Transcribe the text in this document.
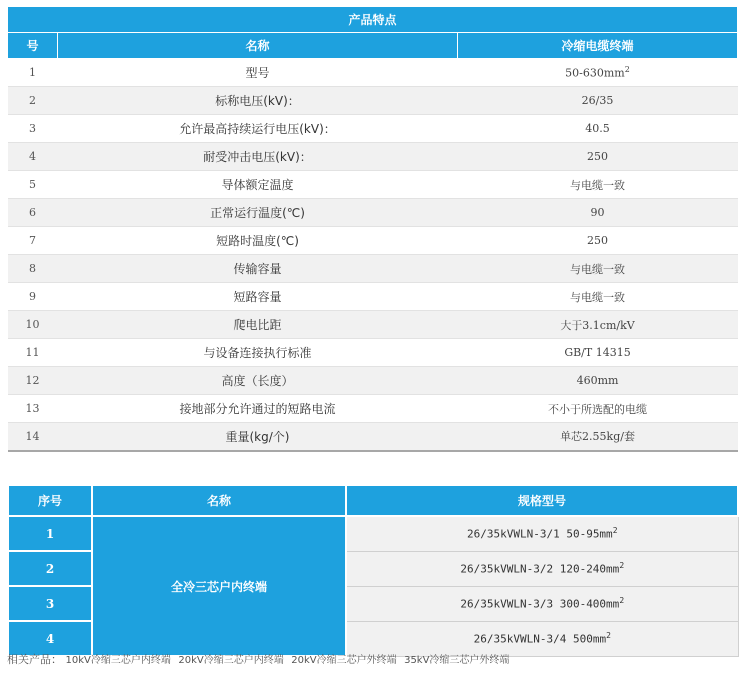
产品特点		
号	名称	冷缩电缆终端
1	型号	$50-630mm^2$
2	标称电压(kV)：	26/35
3	允许最高持续运行电压(kV)：	40.5
4	耐受冲击电压(kV)：	250
5	导体额定温度	与电缆一致
6	正常运行温度(℃)	90
7	短路时温度(℃)	250
8	传输容量	与电缆一致
9	短路容量	与电缆一致
10	爬电比距	大于3.1cm/kV
11	与设备连接执行标准	GB/T 14315
12	高度（长度）	460mm
13	接地部分允许通过的短路电流	不小于所选配的电缆
14	重量(kg/个)	单芯2.55kg/套
序号	名称	规格型号
1	全冷三芯户内终端	26/35kVWLN-3/1 $50-95mm^2$
2		26/35kVWLN-3/2 $120-240mm^2$
3		26/35kVWLN-3/3 $300-400mm^2$
4		26/35kVWLN-3/4 $500mm^2$
相关产品： 10kV冷缩三芯户内终端 20kV冷缩三芯户内终端 20kV冷缩三芯户外终端 35kV冷缩三芯户外终端
